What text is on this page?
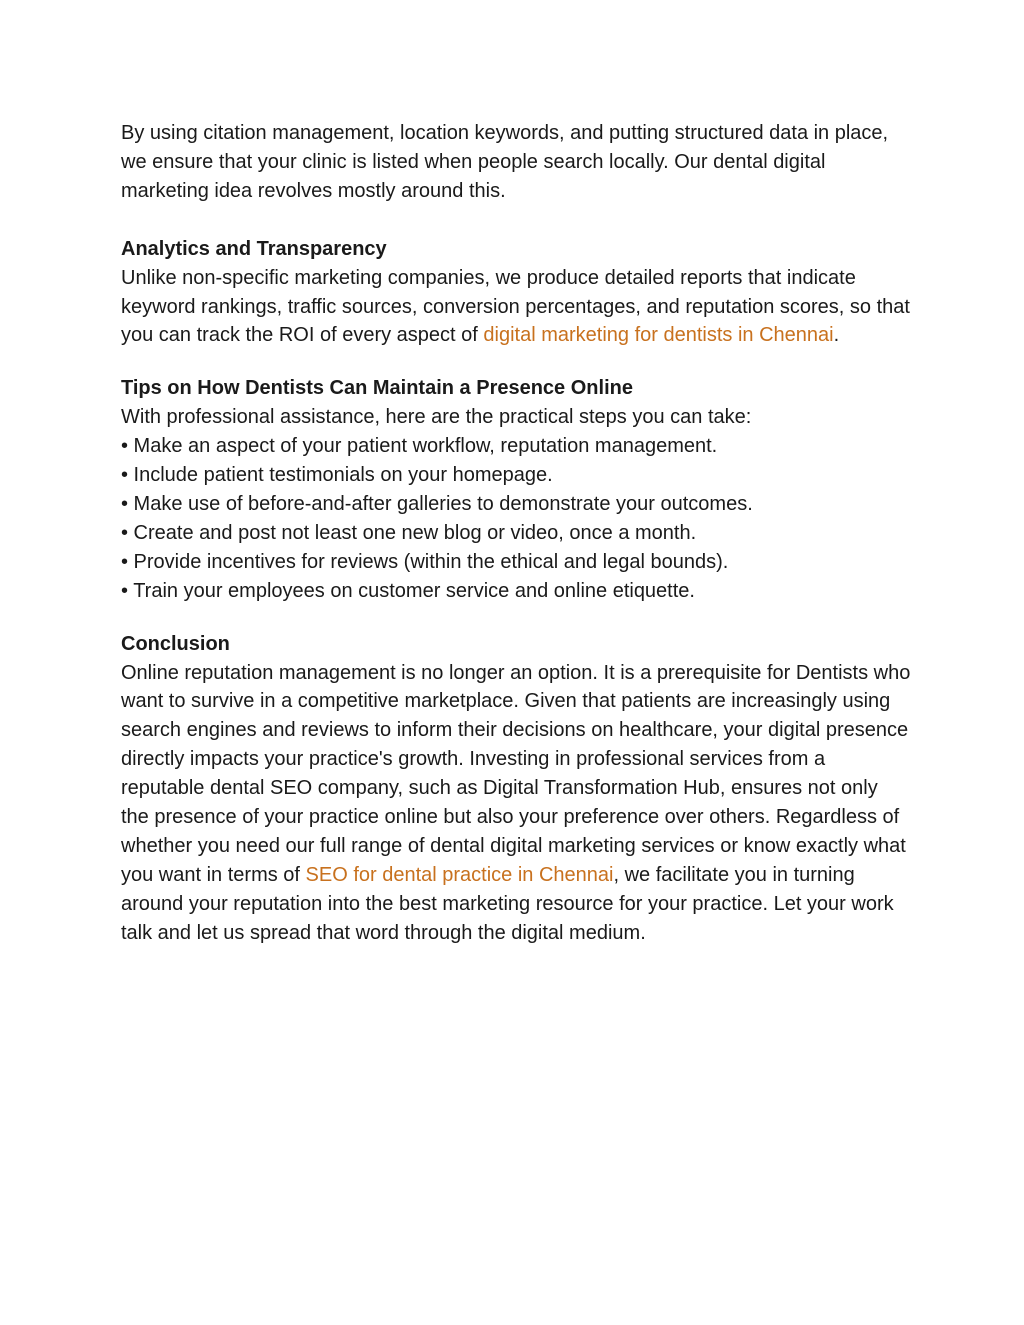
By using citation management, location keywords, and putting structured data in place, we ensure that your clinic is listed when people search locally. Our dental digital marketing idea revolves mostly around this.

Analytics and Transparency

Unlike non-specific marketing companies, we produce detailed reports that indicate keyword rankings, traffic sources, conversion percentages, and reputation scores, so that you can track the ROI of every aspect of digital marketing for dentists in Chennai.

Tips on How Dentists Can Maintain a Presence Online

With professional assistance, here are the practical steps you can take:

• Make an aspect of your patient workflow, reputation management.
• Include patient testimonials on your homepage.
• Make use of before-and-after galleries to demonstrate your outcomes.
• Create and post not least one new blog or video, once a month.
• Provide incentives for reviews (within the ethical and legal bounds).
• Train your employees on customer service and online etiquette.

Conclusion

Online reputation management is no longer an option. It is a prerequisite for Dentists who want to survive in a competitive marketplace. Given that patients are increasingly using search engines and reviews to inform their decisions on healthcare, your digital presence directly impacts your practice's growth. Investing in professional services from a reputable dental SEO company, such as Digital Transformation Hub, ensures not only the presence of your practice online but also your preference over others. Regardless of whether you need our full range of dental digital marketing services or know exactly what you want in terms of SEO for dental practice in Chennai, we facilitate you in turning around your reputation into the best marketing resource for your practice. Let your work talk and let us spread that word through the digital medium.
